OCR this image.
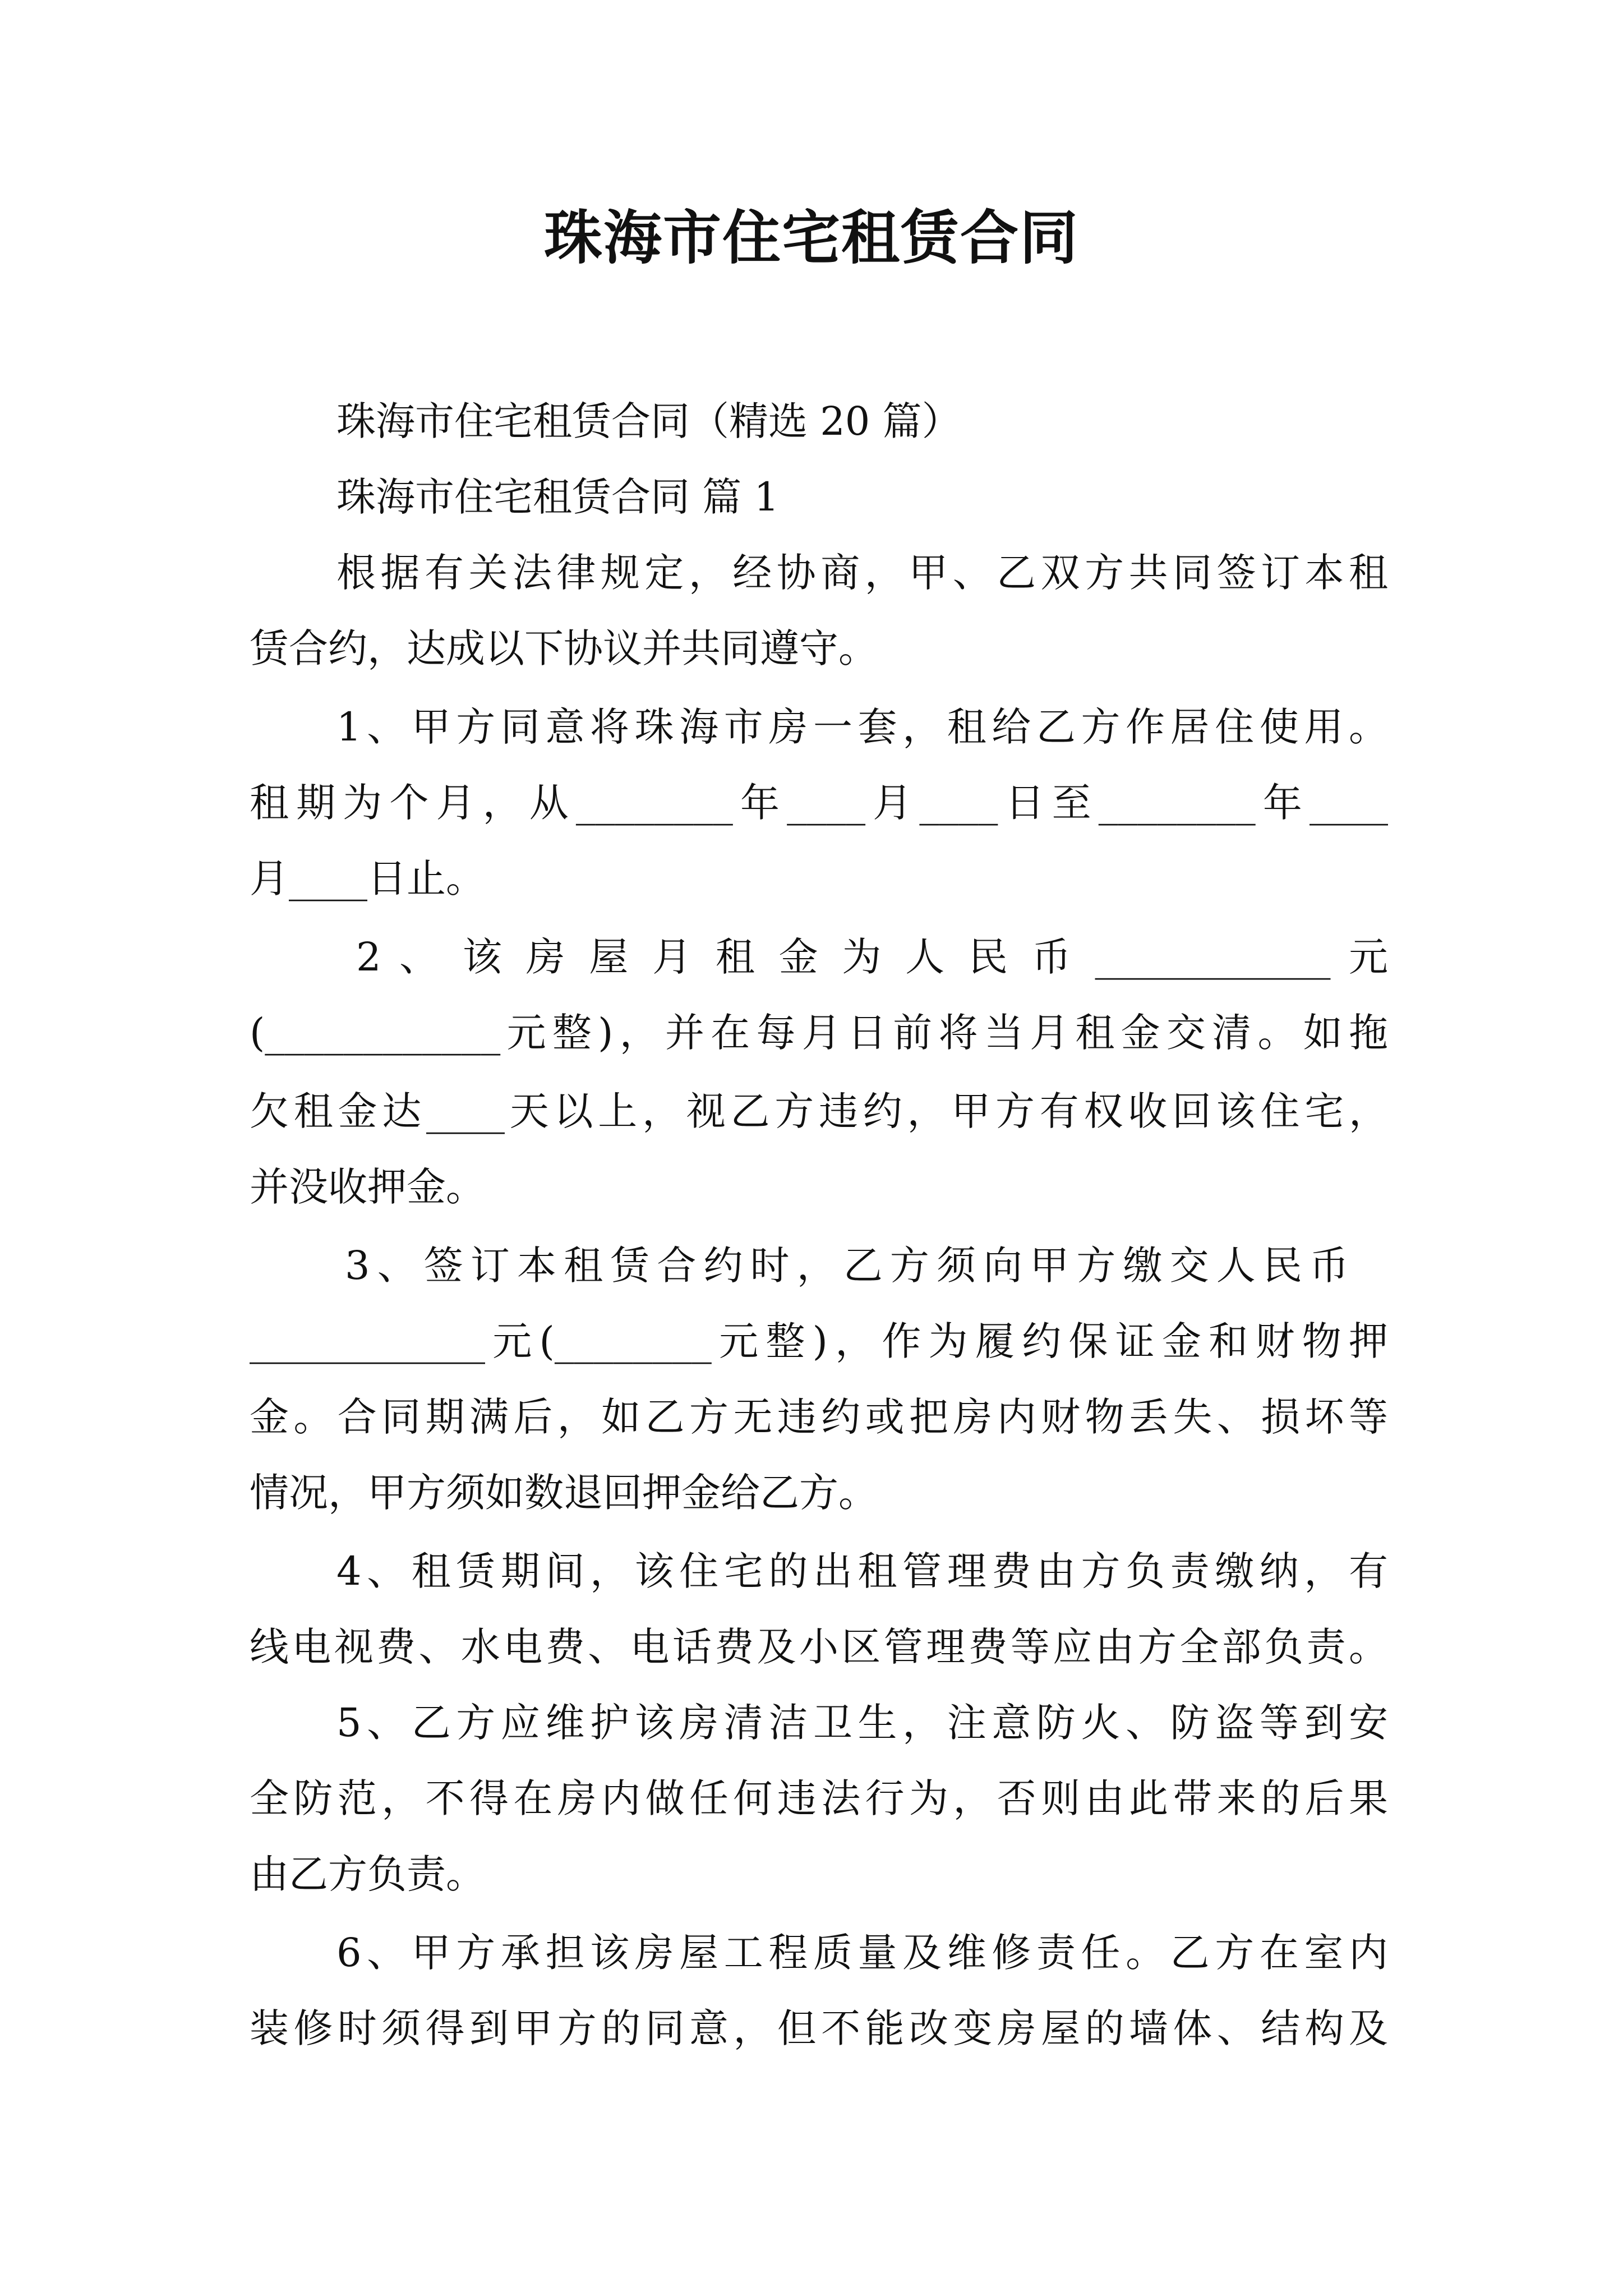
珠海市住宅租赁合同
珠海市住宅租赁合同（精选 20 篇）
珠海市住宅租赁合同 篇 1
根据有关法律规定，经协商，甲、乙双方共同签订本租
赁合约，达成以下协议并共同遵守。
1、甲方同意将珠海市房一套，租给乙方作居住使用。
租期为个月，从________年____月____日至________年____
月____日止。
2 、 该 房 屋 月 租 金 为 人 民 币 ____________ 元
(____________元整)，并在每月日前将当月租金交清。如拖
欠租金达____天以上，视乙方违约，甲方有权收回该住宅，
并没收押金。
3、签订本租赁合约时，乙方须向甲方缴交人民币
____________元(________元整)，作为履约保证金和财物押
金。合同期满后，如乙方无违约或把房内财物丢失、损坏等
情况，甲方须如数退回押金给乙方。
4、租赁期间，该住宅的出租管理费由方负责缴纳，有
线电视费、水电费、电话费及小区管理费等应由方全部负责。
5、乙方应维护该房清洁卫生，注意防火、防盗等到安
全防范，不得在房内做任何违法行为，否则由此带来的后果
由乙方负责。
6、甲方承担该房屋工程质量及维修责任。乙方在室内
装修时须得到甲方的同意，但不能改变房屋的墙体、结构及
